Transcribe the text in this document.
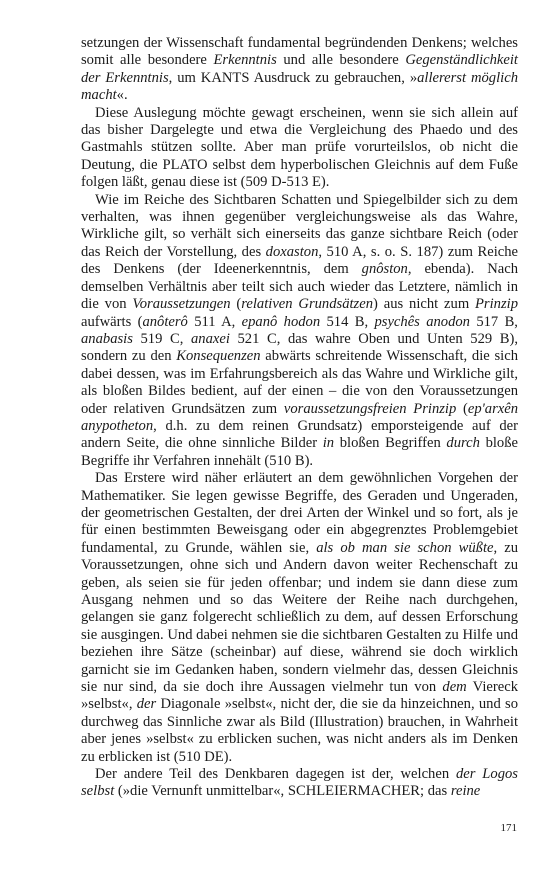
setzungen der Wissenschaft fundamental begründenden Denkens; welches somit alle besondere Erkenntnis und alle besondere Gegenständlichkeit der Erkenntnis, um KANTS Ausdruck zu gebrauchen, »allererst möglich macht«.

Diese Auslegung möchte gewagt erscheinen, wenn sie sich allein auf das bisher Dargelegte und etwa die Vergleichung des Phaedo und des Gastmahls stützen sollte. Aber man prüfe vorurteilslos, ob nicht die Deutung, die PLATO selbst dem hyperbolischen Gleichnis auf dem Fuße folgen läßt, genau diese ist (509 D-513 E).

Wie im Reiche des Sichtbaren Schatten und Spiegelbilder sich zu dem verhalten, was ihnen gegenüber vergleichungsweise als das Wahre, Wirkliche gilt, so verhält sich einerseits das ganze sichtbare Reich (oder das Reich der Vorstellung, des doxaston, 510 A, s. o. S. 187) zum Reiche des Denkens (der Ideenerkenntnis, dem gnôston, ebenda). Nach demselben Verhältnis aber teilt sich auch wieder das Letztere, nämlich in die von Voraussetzungen (relativen Grundsätzen) aus nicht zum Prinzip aufwärts (anôterô 511 A, epanô hodon 514 B, psychês anodon 517 B, anabasis 519 C, anaxei 521 C, das wahre Oben und Unten 529 B), sondern zu den Konsequenzen abwärts schreitende Wissenschaft, die sich dabei dessen, was im Erfahrungsbereich als das Wahre und Wirkliche gilt, als bloßen Bildes bedient, auf der einen – die von den Voraussetzungen oder relativen Grundsätzen zum voraussetzungsfreien Prinzip (ep'arxên anypotheton, d.h. zu dem reinen Grundsatz) emporsteigende auf der andern Seite, die ohne sinnliche Bilder in bloßen Begriffen durch bloße Begriffe ihr Verfahren innehält (510 B).

Das Erstere wird näher erläutert an dem gewöhnlichen Vorgehen der Mathematiker. Sie legen gewisse Begriffe, des Geraden und Ungeraden, der geometrischen Gestalten, der drei Arten der Winkel und so fort, als je für einen bestimmten Beweisgang oder ein abgegrenztes Problemgebiet fundamental, zu Grunde, wählen sie, als ob man sie schon wüßte, zu Voraussetzungen, ohne sich und Andern davon weiter Rechenschaft zu geben, als seien sie für jeden offenbar; und indem sie dann diese zum Ausgang nehmen und so das Weitere der Reihe nach durchgehen, gelangen sie ganz folgerecht schließlich zu dem, auf dessen Erforschung sie ausgingen. Und dabei nehmen sie die sichtbaren Gestalten zu Hilfe und beziehen ihre Sätze (scheinbar) auf diese, während sie doch wirklich garnicht sie im Gedanken haben, sondern vielmehr das, dessen Gleichnis sie nur sind, da sie doch ihre Aussagen vielmehr tun von dem Viereck »selbst«, der Diagonale »selbst«, nicht der, die sie da hinzeichnen, und so durchweg das Sinnliche zwar als Bild (Illustration) brauchen, in Wahrheit aber jenes »selbst« zu erblicken suchen, was nicht anders als im Denken zu erblicken ist (510 DE).

Der andere Teil des Denkbaren dagegen ist der, welchen der Logos selbst (»die Vernunft unmittelbar«, SCHLEIERMACHER; das reine

171
